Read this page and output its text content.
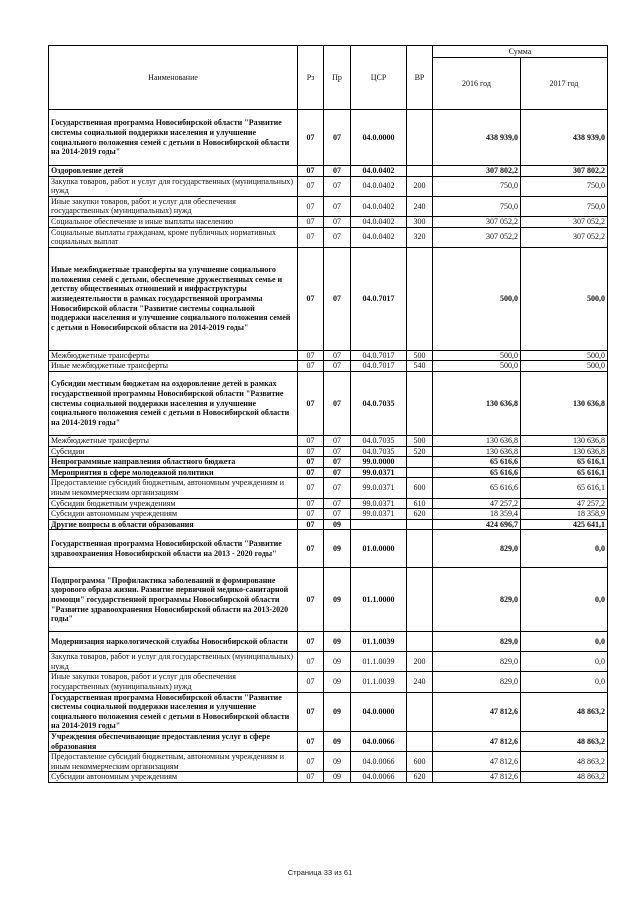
Наименование	Рз	Пр	ЦСР	ВР	Сумма	
					2016 год	2017 год
Государственная программа Новосибирской области "Развитие системы социальной поддержки населения и улучшение социального положения семей с детьми в Новосибирской области на 2014-2019 годы"	07	07	04.0.0000		438 939,0	438 939,0
Оздоровление детей	07	07	04.0.0402		307 802,2	307 802,2
Закупка товаров, работ и услуг для государственных (муниципальных) нужд	07	07	04.0.0402	200	750,0	750,0
Иные закупки товаров, работ и услуг для обеспечения государственных (муниципальных) нужд	07	07	04.0.0402	240	750,0	750,0
Социальное обеспечение и иные выплаты населению	07	07	04.0.0402	300	307 052,2	307 052,2
Социальные выплаты гражданам, кроме публичных нормативных социальных выплат	07	07	04.0.0402	320	307 052,2	307 052,2
Иные межбюджетные трансферты на улучшение социального положения семей с детьми, обеспечение дружественных семье и детству общественных отношений и инфраструктуры жизнедеятельности в рамках государственной программы Новосибирской области "Развитие системы социальной поддержки населения и улучшение социального положения семей с детьми в Новосибирской области на 2014-2019 годы"	07	07	04.0.7017		500,0	500,0
Межбюджетные трансферты	07	07	04.0.7017	500	500,0	500,0
Иные межбюджетные трансферты	07	07	04.0.7017	540	500,0	500,0
Субсидии местным бюджетам на оздоровление детей в рамках государственной программы Новосибирской области "Развитие системы социальной поддержки населения и улучшение социального положения семей с детьми в Новосибирской области на 2014-2019 годы"	07	07	04.0.7035		130 636,8	130 636,8
Межбюджетные трансферты	07	07	04.0.7035	500	130 636,8	130 636,8
Субсидии	07	07	04.0.7035	520	130 636,8	130 636,8
Непрограммные направления областного бюджета	07	07	99.0.0000		65 616,6	65 616,1
Мероприятия в сфере молодежной политики	07	07	99.0.0371		65 616,6	65 616,1
Предоставление субсидий бюджетным, автономным учреждениям и иным некоммерческим организациям	07	07	99.0.0371	600	65 616,6	65 616,1
Субсидии бюджетным учреждениям	07	07	99.0.0371	610	47 257,2	47 257,2
Субсидии автономным учреждениям	07	07	99.0.0371	620	18 359,4	18 358,9
Другие вопросы в области образования	07	09			424 696,7	425 641,1
Государственная программа Новосибирской области "Развитие здравоохранения Новосибирской области на 2013 - 2020 годы"	07	09	01.0.0000		829,0	0,0
Подпрограмма "Профилактика заболеваний и формирование здорового образа жизни. Развитие первичной медико-санитарной помощи" государственной программы Новосибирской области "Развитие здравоохранения Новосибирской области на 2013-2020 годы"	07	09	01.1.0000		829,0	0,0
Модернизация наркологической службы Новосибирской области	07	09	01.1.0039		829,0	0,0
Закупка товаров, работ и услуг для государственных (муниципальных) нужд	07	09	01.1.0039	200	829,0	0,0
Иные закупки товаров, работ и услуг для обеспечения государственных (муниципальных) нужд	07	09	01.1.0039	240	829,0	0,0
Государственная программа Новосибирской области "Развитие системы социальной поддержки населения и улучшение социального положения семей с детьми в Новосибирской области на 2014-2019 годы"	07	09	04.0.0000		47 812,6	48 863,2
Учреждения обеспечивающие предоставления услуг в сфере образования	07	09	04.0.0066		47 812,6	48 863,2
Предоставление субсидий бюджетным, автономным учреждениям и иным некоммерческим организациям	07	09	04.0.0066	600	47 812,6	48 863,2
Субсидии автономным учреждениям	07	09	04.0.0066	620	47 812,6	48 863,2
Страница 33 из 61
